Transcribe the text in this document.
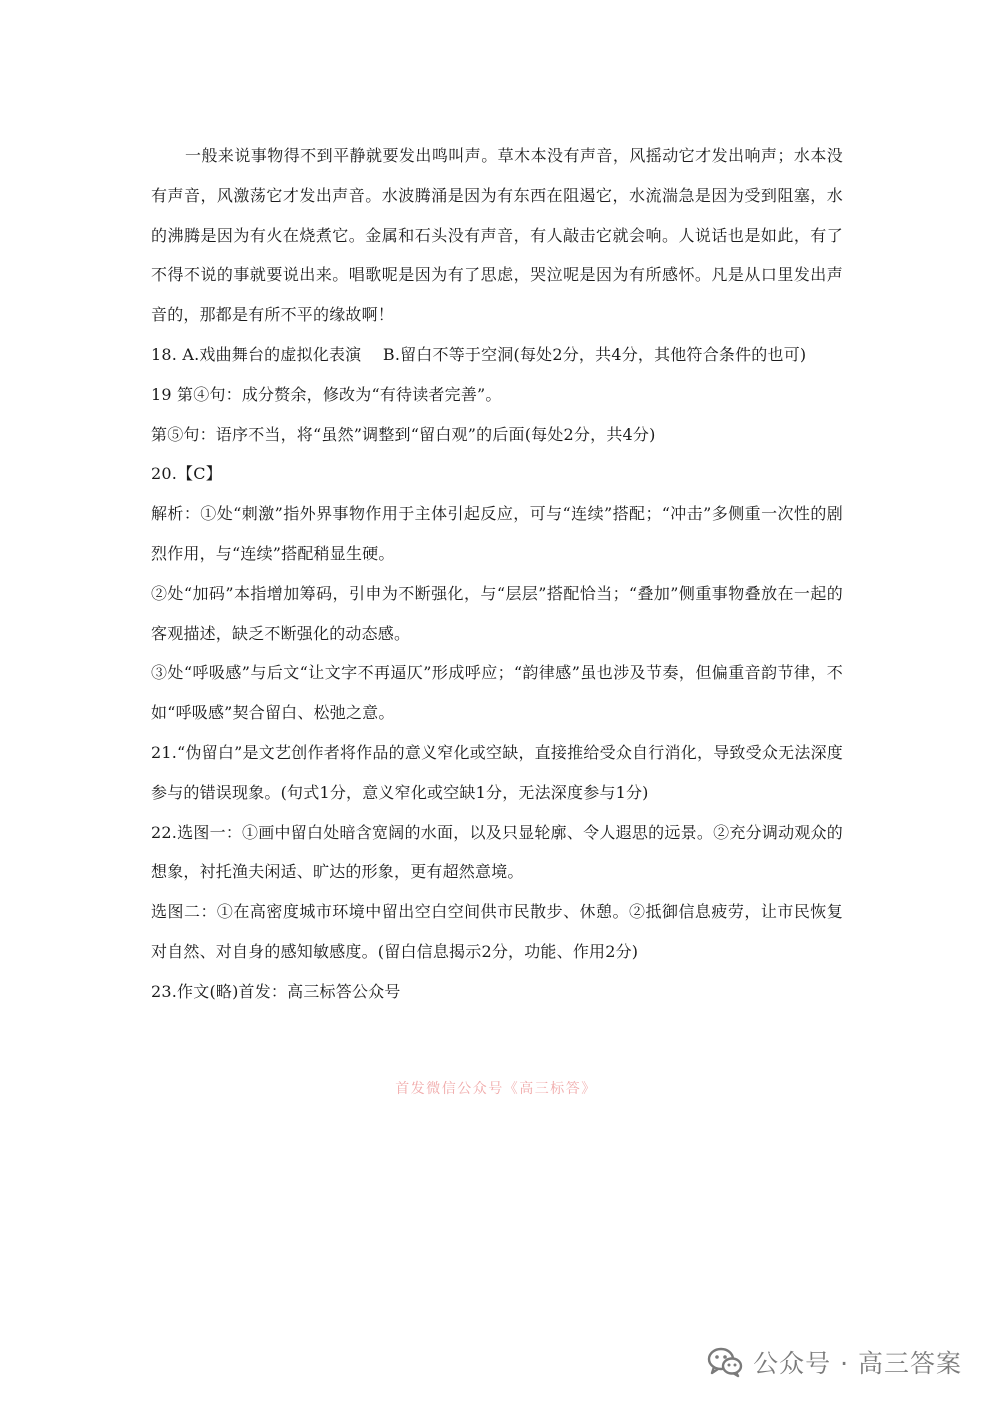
一般来说事物得不到平静就要发出鸣叫声。草木本没有声音，风摇动它才发出响声；水本没有声音，风激荡它才发出声音。水波腾涌是因为有东西在阻遏它，水流湍急是因为受到阻塞，水的沸腾是因为有火在烧煮它。金属和石头没有声音，有人敲击它就会响。人说话也是如此，有了不得不说的事就要说出来。唱歌呢是因为有了思虑，哭泣呢是因为有所感怀。凡是从口里发出声音的，那都是有所不平的缘故啊！

18. A.戏曲舞台的虚拟化表演　 B.留白不等于空洞(每处2分，共4分，其他符合条件的也可)

19 第④句：成分赘余，修改为“有待读者完善”。

第⑤句：语序不当，将“虽然”调整到“留白观”的后面(每处2分，共4分)

20.【C】

解析：①处“刺激”指外界事物作用于主体引起反应，可与“连续”搭配；“冲击”多侧重一次性的剧烈作用，与“连续”搭配稍显生硬。

②处“加码”本指增加筹码，引申为不断强化，与“层层”搭配恰当；“叠加”侧重事物叠放在一起的客观描述，缺乏不断强化的动态感。

③处“呼吸感”与后文“让文字不再逼仄”形成呼应；“韵律感”虽也涉及节奏，但偏重音韵节律，不如“呼吸感”契合留白、松弛之意。

21.“伪留白”是文艺创作者将作品的意义窄化或空缺，直接推给受众自行消化，导致受众无法深度参与的错误现象。(句式1分，意义窄化或空缺1分，无法深度参与1分)

22.选图一：①画中留白处暗含宽阔的水面，以及只显轮廓、令人遐思的远景。②充分调动观众的想象，衬托渔夫闲适、旷达的形象，更有超然意境。

选图二：①在高密度城市环境中留出空白空间供市民散步、休憩。②抵御信息疲劳，让市民恢复对自然、对自身的感知敏感度。(留白信息揭示2分，功能、作用2分)

23.作文(略)首发：高三标答公众号

首发微信公众号《高三标答》
公众号 · 高三答案
